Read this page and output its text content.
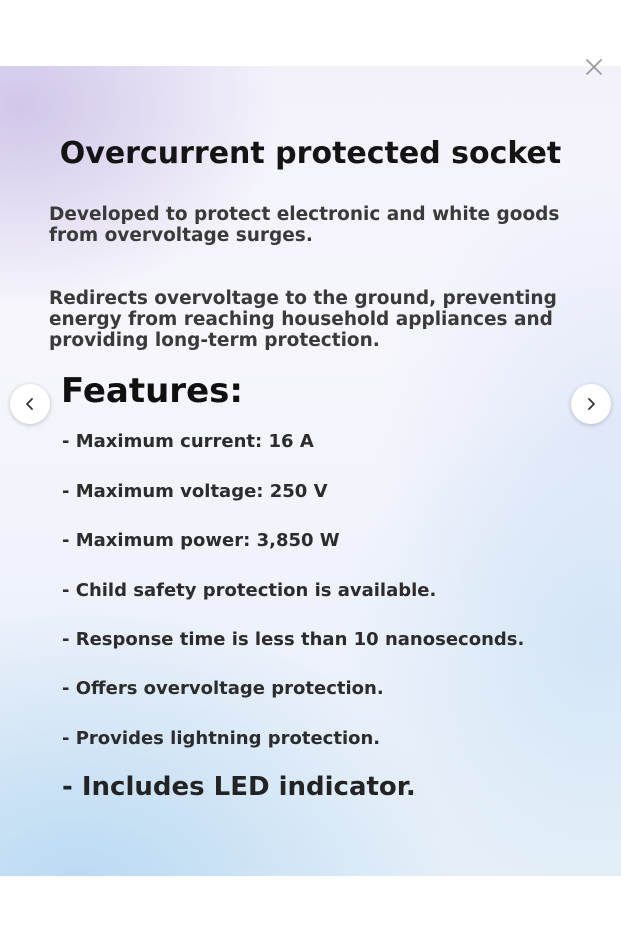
Overcurrent protected socket
Developed to protect electronic and white goods from overvoltage surges.
Redirects overvoltage to the ground, preventing energy from reaching household appliances and providing long-term protection.
Features:
- Maximum current: 16 A
- Maximum voltage: 250 V
- Maximum power: 3,850 W
- Child safety protection is available.
- Response time is less than 10 nanoseconds.
- Offers overvoltage protection.
- Provides lightning protection.
- Includes LED indicator.
